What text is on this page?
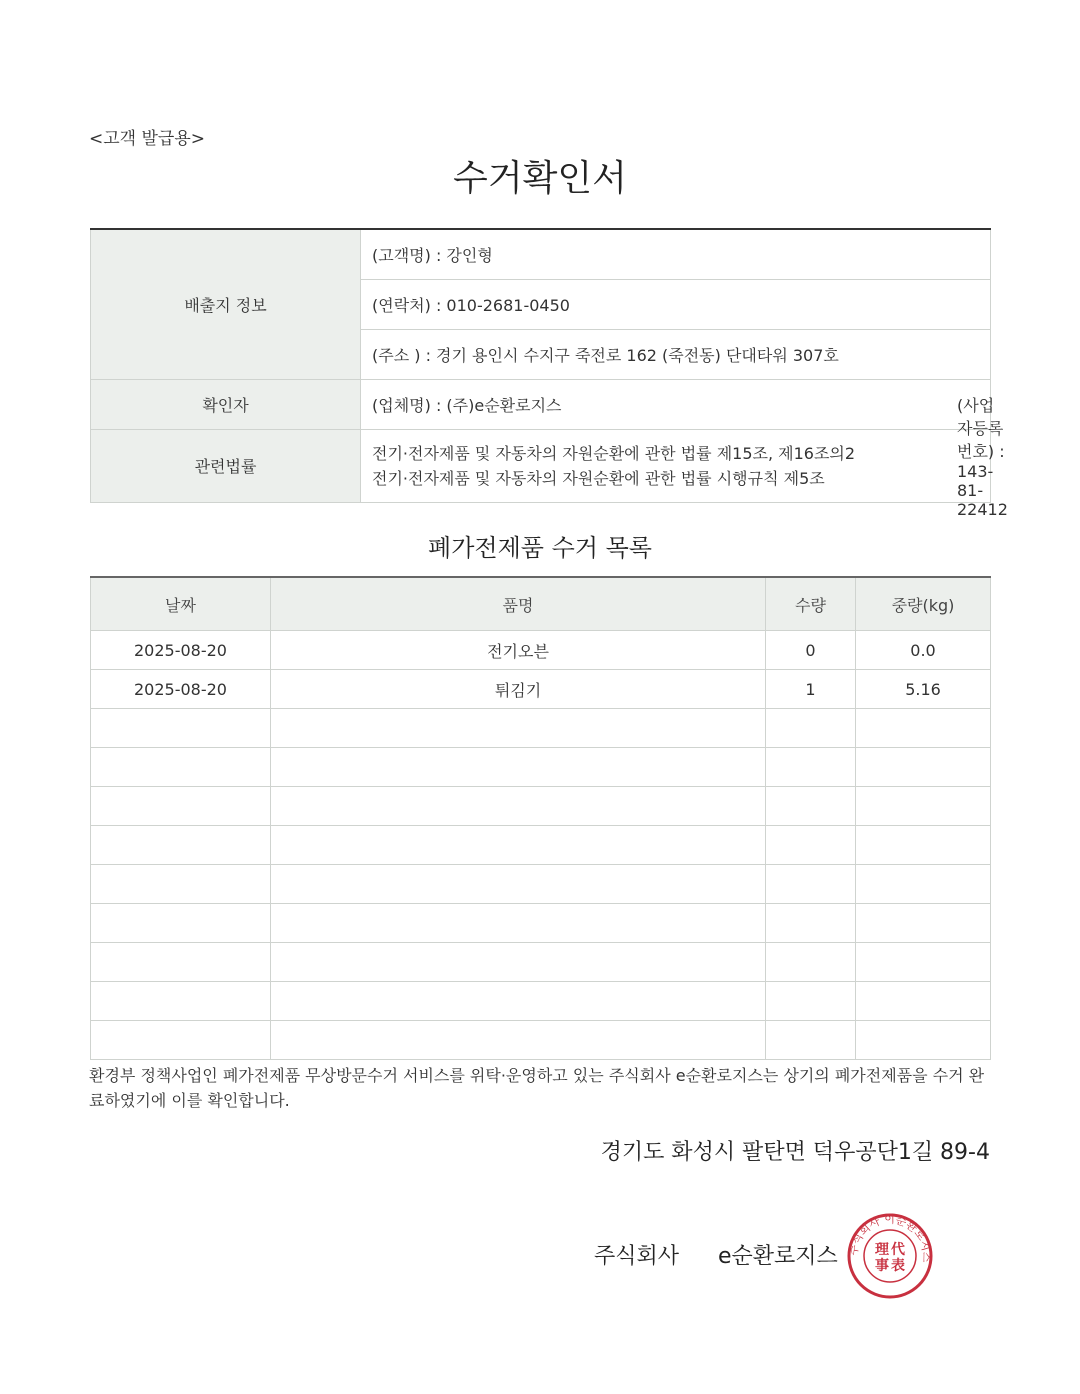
<고객 발급용>
수거확인서
배출지 정보	(고객명) : 강인형
	(연락처) : 010-2681-0450
	(주소 ) : 경기 용인시 수지구 죽전로 162 (죽전동) 단대타워 307호
확인자	(업체명) : (주)e순환로지스 (사업자등록번호) : 143-81-22412

관련법률	전기·전자제품 및 자동차의 자원순환에 관한 법률 제15조, 제16조의2
전기·전자제품 및 자동차의 자원순환에 관한 법률 시행규칙 제5조
폐가전제품 수거 목록
날짜	품명	수량	중량(kg)
2025-08-20	전기오븐	0	0.0
2025-08-20	튀김기	1	5.16

환경부 정책사업인 폐가전제품 무상방문수거 서비스를 위탁·운영하고 있는 주식회사 e순환로지스는 상기의 폐가전제품을 수거 완료하였기에 이를 확인합니다.
경기도 화성시 팔탄면 덕우공단1길 89-4
주식회사 e순환로지스 주식회사 이순환로지스
理 代
事 表
